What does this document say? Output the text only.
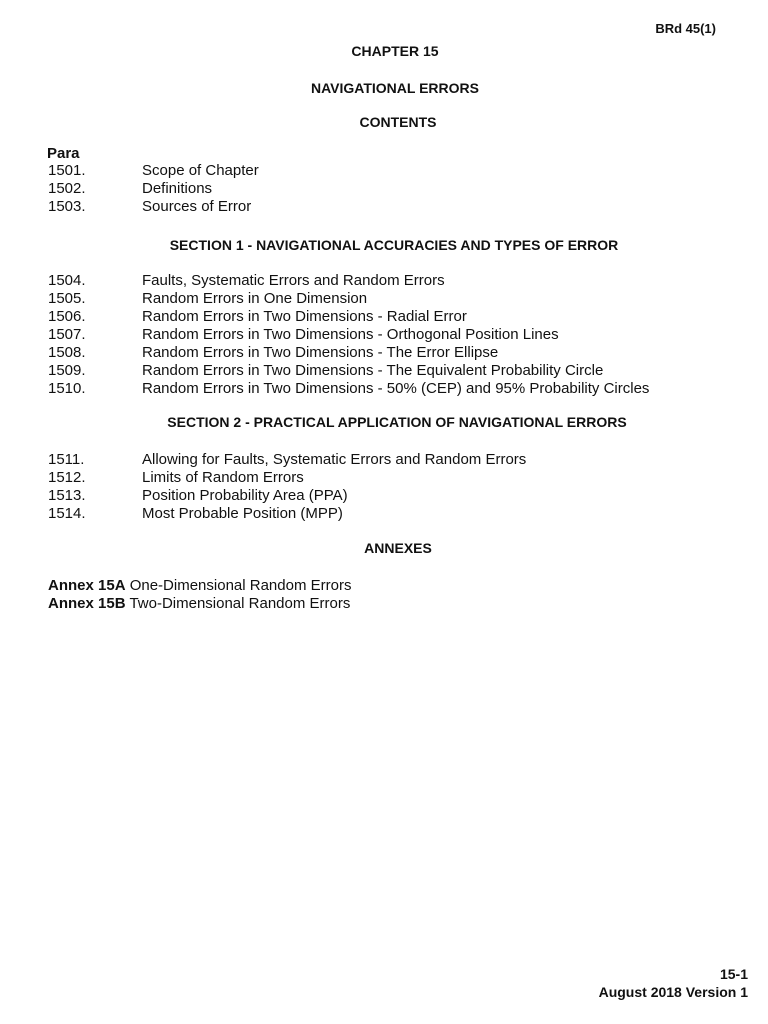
BRd 45(1)
CHAPTER 15
NAVIGATIONAL ERRORS
CONTENTS
Para
1501.	Scope of Chapter
1502.	Definitions
1503.	Sources of Error
SECTION 1 - NAVIGATIONAL ACCURACIES AND TYPES OF ERROR
1504.	Faults, Systematic Errors and Random Errors
1505.	Random Errors in One Dimension
1506.	Random Errors in Two Dimensions - Radial Error
1507.	Random Errors in Two Dimensions - Orthogonal Position Lines
1508.	Random Errors in Two Dimensions - The Error Ellipse
1509.	Random Errors in Two Dimensions - The Equivalent Probability Circle
1510.	Random Errors in Two Dimensions - 50% (CEP) and 95% Probability Circles
SECTION 2 - PRACTICAL APPLICATION OF NAVIGATIONAL ERRORS
1511.	Allowing for Faults, Systematic Errors and Random Errors
1512.	Limits of Random Errors
1513.	Position Probability Area (PPA)
1514.	Most Probable Position (MPP)
ANNEXES
Annex 15A One-Dimensional Random Errors
Annex 15B Two-Dimensional Random Errors
15-1
August 2018 Version 1
